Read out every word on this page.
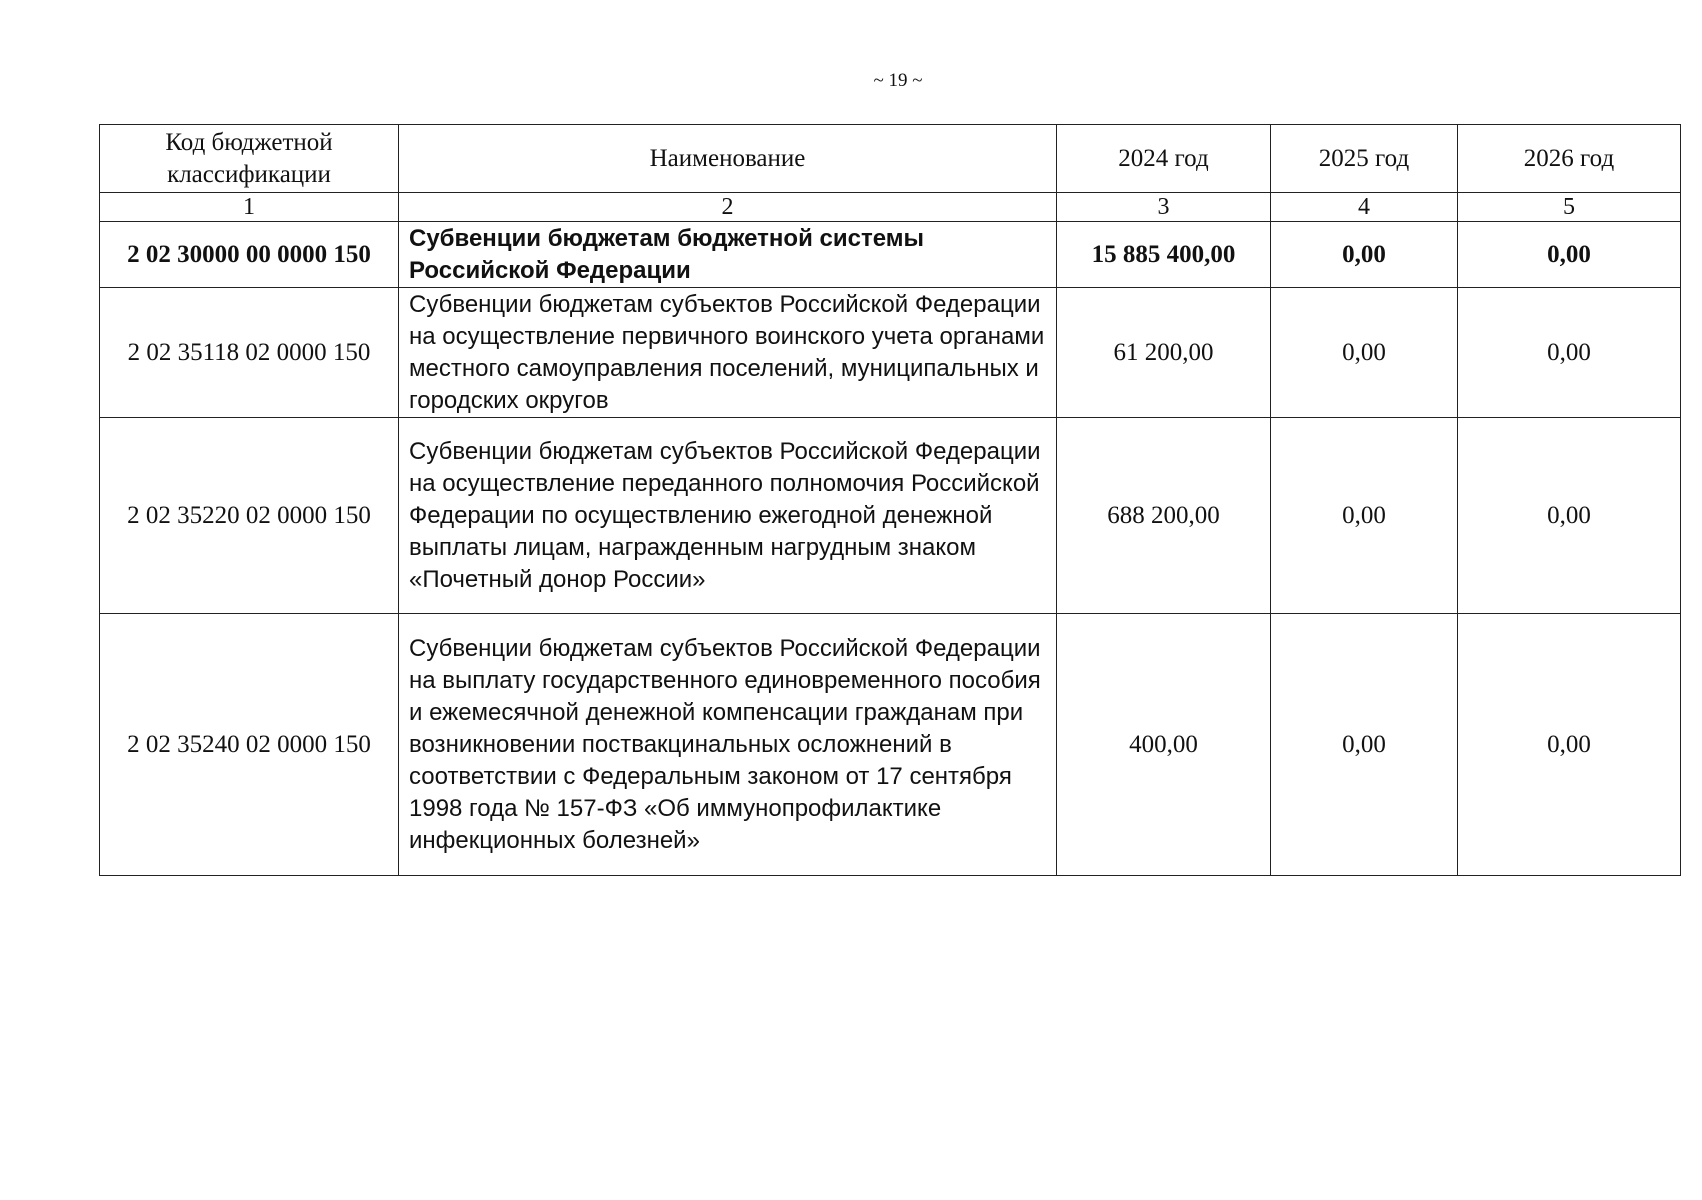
~ 19 ~
Код бюджетной классификации	Наименование	2024 год	2025 год	2026 год
1	2	3	4	5
2 02 30000 00 0000 150	Субвенции бюджетам бюджетной системы Российской Федерации	15 885 400,00	0,00	0,00
2 02 35118 02 0000 150	Субвенции бюджетам субъектов Российской Федерации на осуществление первичного воинского учета органами местного самоуправления поселений, муниципальных и городских округов	61 200,00	0,00	0,00
2 02 35220 02 0000 150	Субвенции бюджетам субъектов Российской Федерации на осуществление переданного полномочия Российской Федерации по осуществлению ежегодной денежной выплаты лицам, награжденным нагрудным знаком «Почетный донор России»	688 200,00	0,00	0,00
2 02 35240 02 0000 150	Субвенции бюджетам субъектов Российской Федерации на выплату государственного единовременного пособия и ежемесячной денежной компенсации гражданам при возникновении поствакцинальных осложнений в соответствии с Федеральным законом от 17 сентября 1998 года № 157-ФЗ «Об иммунопрофилактике инфекционных болезней»	400,00	0,00	0,00
